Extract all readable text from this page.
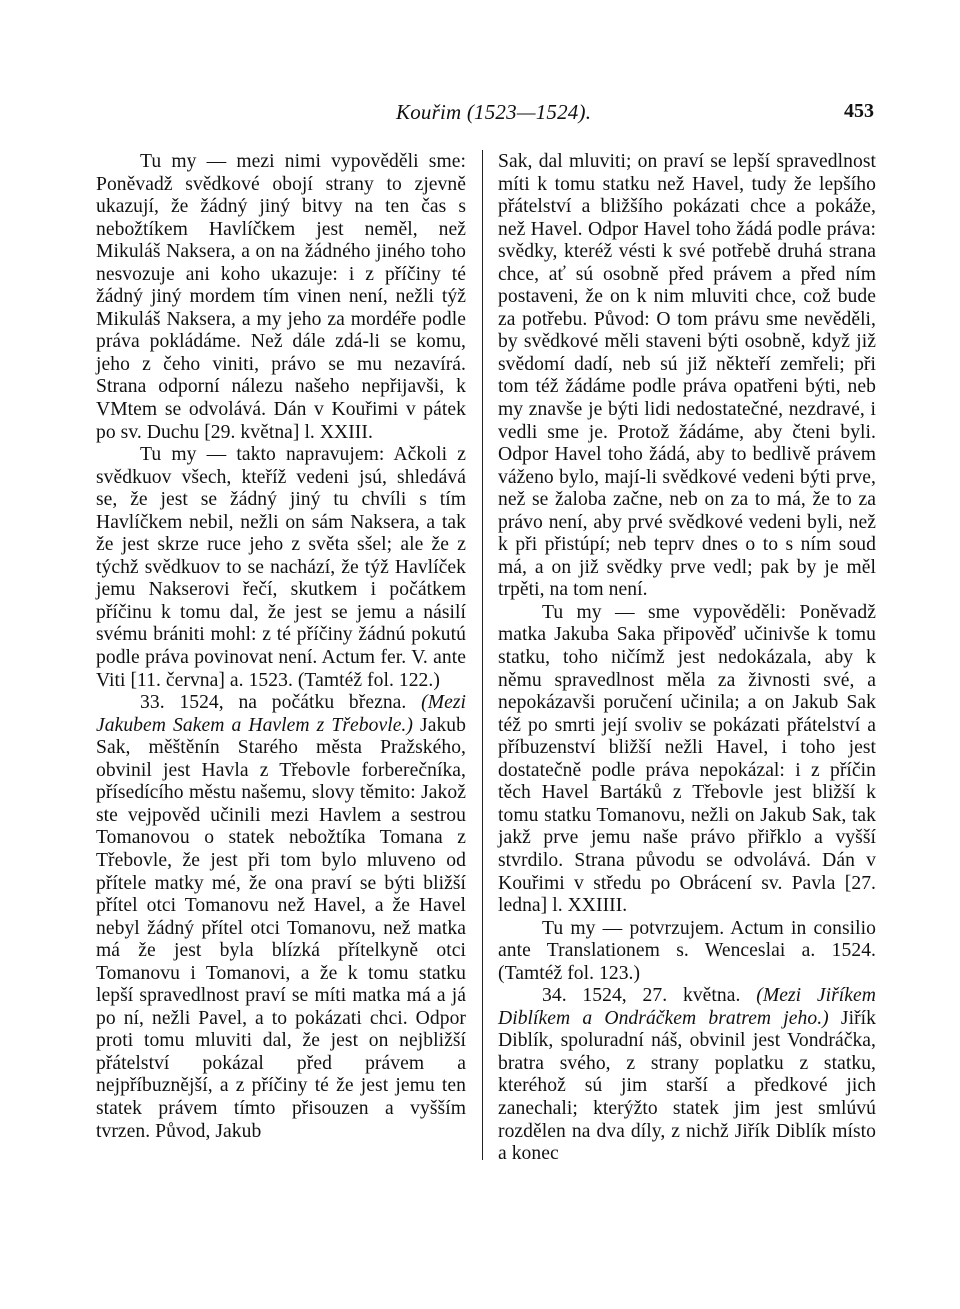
Kouřim (1523—1524).	453

Tu my — mezi nimi vypověděli sme: Poněvadž svědkové obojí strany to zjevně ukazují, že žádný jiný bitvy na ten čas s nebožtíkem Havlíčkem jest neměl, než Mikuláš Naksera, a on na žádného jiného toho nesvozuje ani koho ukazuje: i z příčiny té žádný jiný mordem tím vinen není, nežli týž Mikuláš Naksera, a my jeho za mordéře podle práva pokládáme. Než dále zdá-li se komu, jeho z čeho viniti, právo se mu nezavírá. Strana odporní nálezu našeho nepřijavši, k VMtem se odvolává. Dán v Kouřimi v pátek po sv. Duchu [29. května] l. XXIII.

Tu my — takto napravujem: Ačkoli z svědkuov všech, kteříž vedeni jsú, shledává se, že jest se žádný jiný tu chvíli s tím Havlíčkem nebil, nežli on sám Naksera, a tak že jest skrze ruce jeho z světa sšel; ale že z týchž svědkuov to se nachází, že týž Havlíček jemu Nakserovi řečí, skutkem i počátkem příčinu k tomu dal, že jest se jemu a násilí svému brániti mohl: z té příčiny žádnú pokutú podle práva povinovat není. Actum fer. V. ante Viti [11. června] a. 1523. (Tamtéž fol. 122.)

33. 1524, na počátku března. (Mezi Jakubem Sakem a Havlem z Třebovle.) Jakub Sak, měštěnín Starého města Pražského, obvinil jest Havla z Třebovle forberečníka, přísedícího městu našemu, slovy těmito: Jakož ste vejpověd učinili mezi Havlem a sestrou Tomanovou o statek nebožtíka Tomana z Třebovle, že jest při tom bylo mluveno od přítele matky mé, že ona praví se býti bližší přítel otci Tomanovu než Havel, a že Havel nebyl žádný přítel otci Tomanovu, než matka má že jest byla blízká přítelkyně otci Tomanovu i Tomanovi, a že k tomu statku lepší spravedlnost praví se míti matka má a já po ní, nežli Pavel, a to pokázati chci. Odpor proti tomu mluviti dal, že jest on nejbližší přátelství pokázal před právem a nejpříbuznější, a z příčiny té že jest jemu ten statek právem tímto přisouzen a vyšším tvrzen. Původ, Jakub

Sak, dal mluviti; on praví se lepší spravedlnost míti k tomu statku než Havel, tudy že lepšího přátelství a bližšího pokázati chce a pokáže, než Havel. Odpor Havel toho žádá podle práva: svědky, kteréž vésti k své potřebě druhá strana chce, ať sú osobně před právem a před ním postaveni, že on k nim mluviti chce, což bude za potřebu. Původ: O tom právu sme nevěděli, by svědkové měli staveni býti osobně, když již svědomí dadí, neb sú již někteří zemřeli; při tom též žádáme podle práva opatřeni býti, neb my znavše je býti lidi nedostatečné, nezdravé, i vedli sme je. Protož žádáme, aby čteni byli. Odpor Havel toho žádá, aby to bedlivě právem váženo bylo, mají-li svědkové vedeni býti prve, než se žaloba začne, neb on za to má, že to za právo není, aby prvé svědkové vedeni byli, než k při přistúpí; neb teprv dnes o to s ním soud má, a on již svědky prve vedl; pak by je měl trpěti, na tom není.

Tu my — sme vypověděli: Poněvadž matka Jakuba Saka připověď učinivše k tomu statku, toho ničímž jest nedokázala, aby k němu spravedlnost měla za živnosti své, a nepokázavši poručení učinila; a on Jakub Sak též po smrti její svoliv se pokázati přátelství a příbuzenství bližší nežli Havel, i toho jest dostatečně podle práva nepokázal: i z příčin těch Havel Bartáků z Třebovle jest bližší k tomu statku Tomanovu, nežli on Jakub Sak, tak jakž prve jemu naše právo přiřklo a vyšší stvrdilo. Strana původu se odvolává. Dán v Kouřimi v středu po Obrácení sv. Pavla [27. ledna] l. XXIIII.

Tu my — potvrzujem. Actum in consilio ante Translationem s. Wenceslai a. 1524. (Tamtéž fol. 123.)

34. 1524, 27. května. (Mezi Jiříkem Diblíkem a Ondráčkem bratrem jeho.) Jiřík Diblík, spoluradní náš, obvinil jest Vondráčka, bratra svého, z strany poplatku z statku, kteréhož sú jim starší a předkové jich zanechali; kterýžto statek jim jest smlúvú rozdělen na dva díly, z nichž Jiřík Diblík místo a konec
